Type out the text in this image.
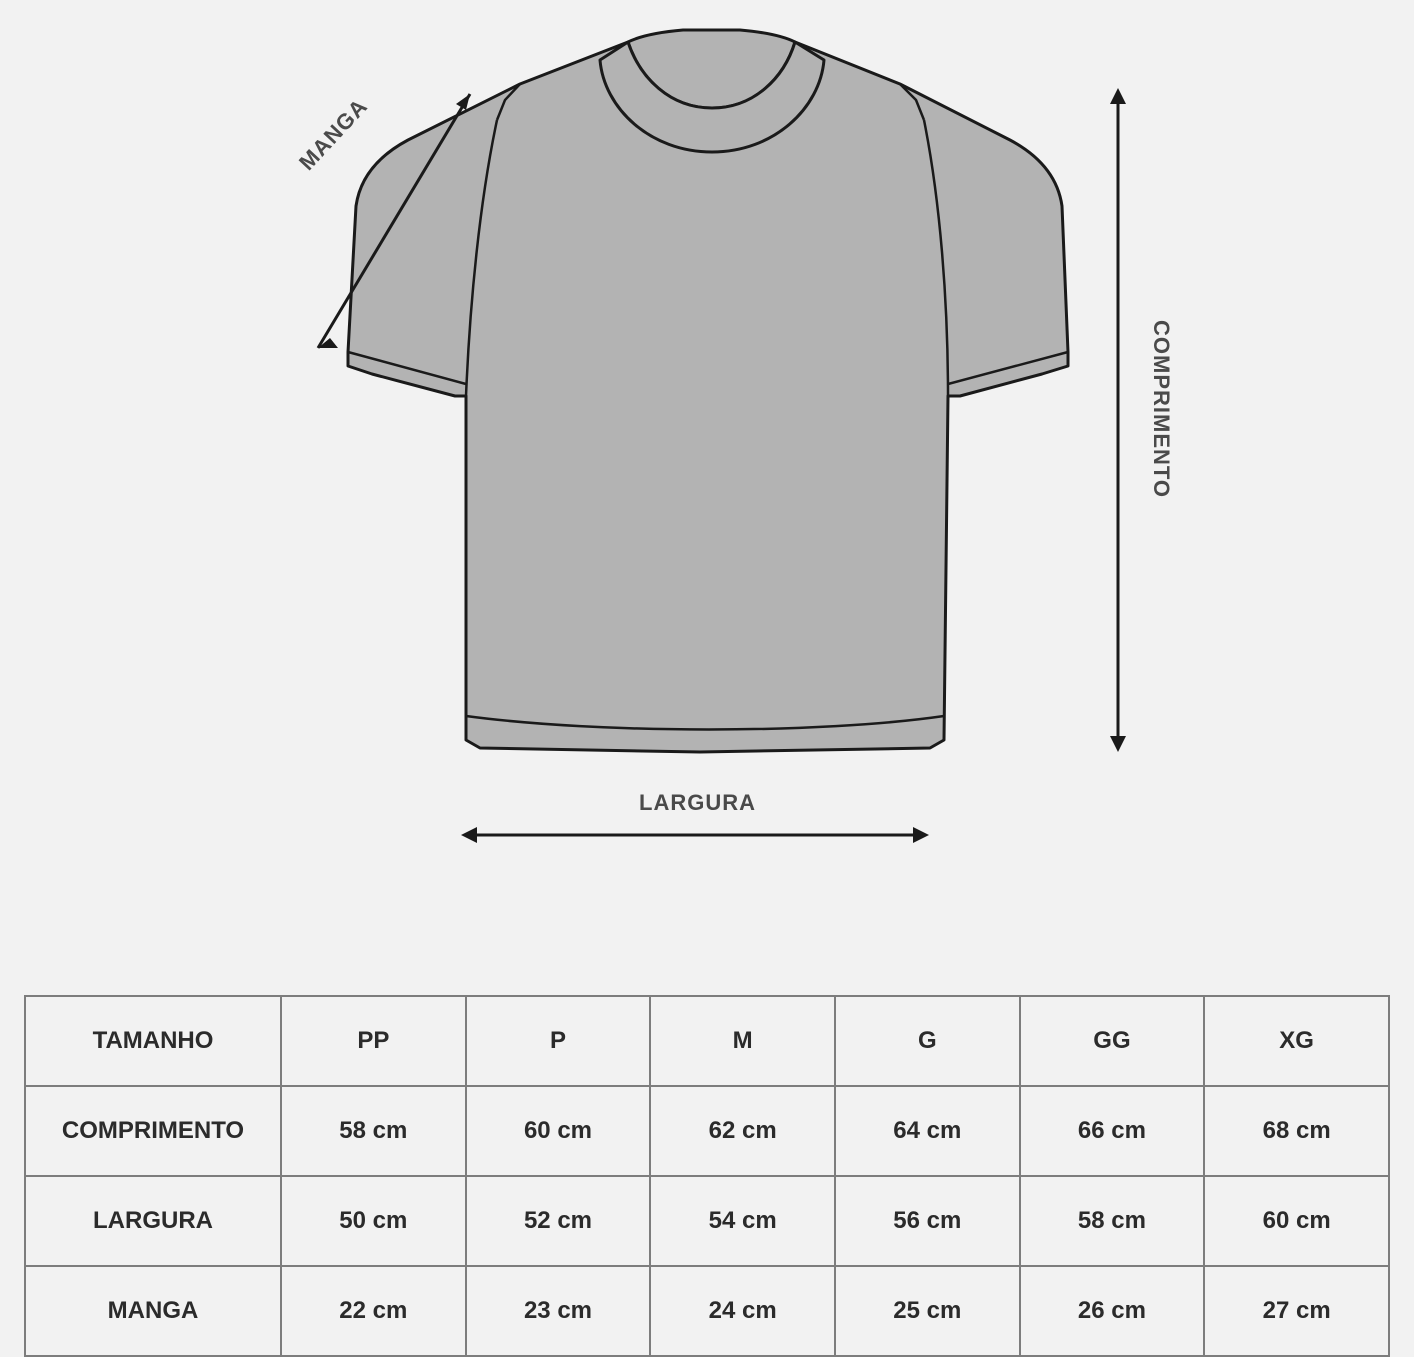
MANGA
COMPRIMENTO
LARGURA
TAMANHO	PP	P	M	G	GG	XG
COMPRIMENTO	58 cm	60 cm	62 cm	64 cm	66 cm	68 cm
LARGURA	50 cm	52 cm	54 cm	56 cm	58 cm	60 cm
MANGA	22 cm	23 cm	24 cm	25 cm	26 cm	27 cm
